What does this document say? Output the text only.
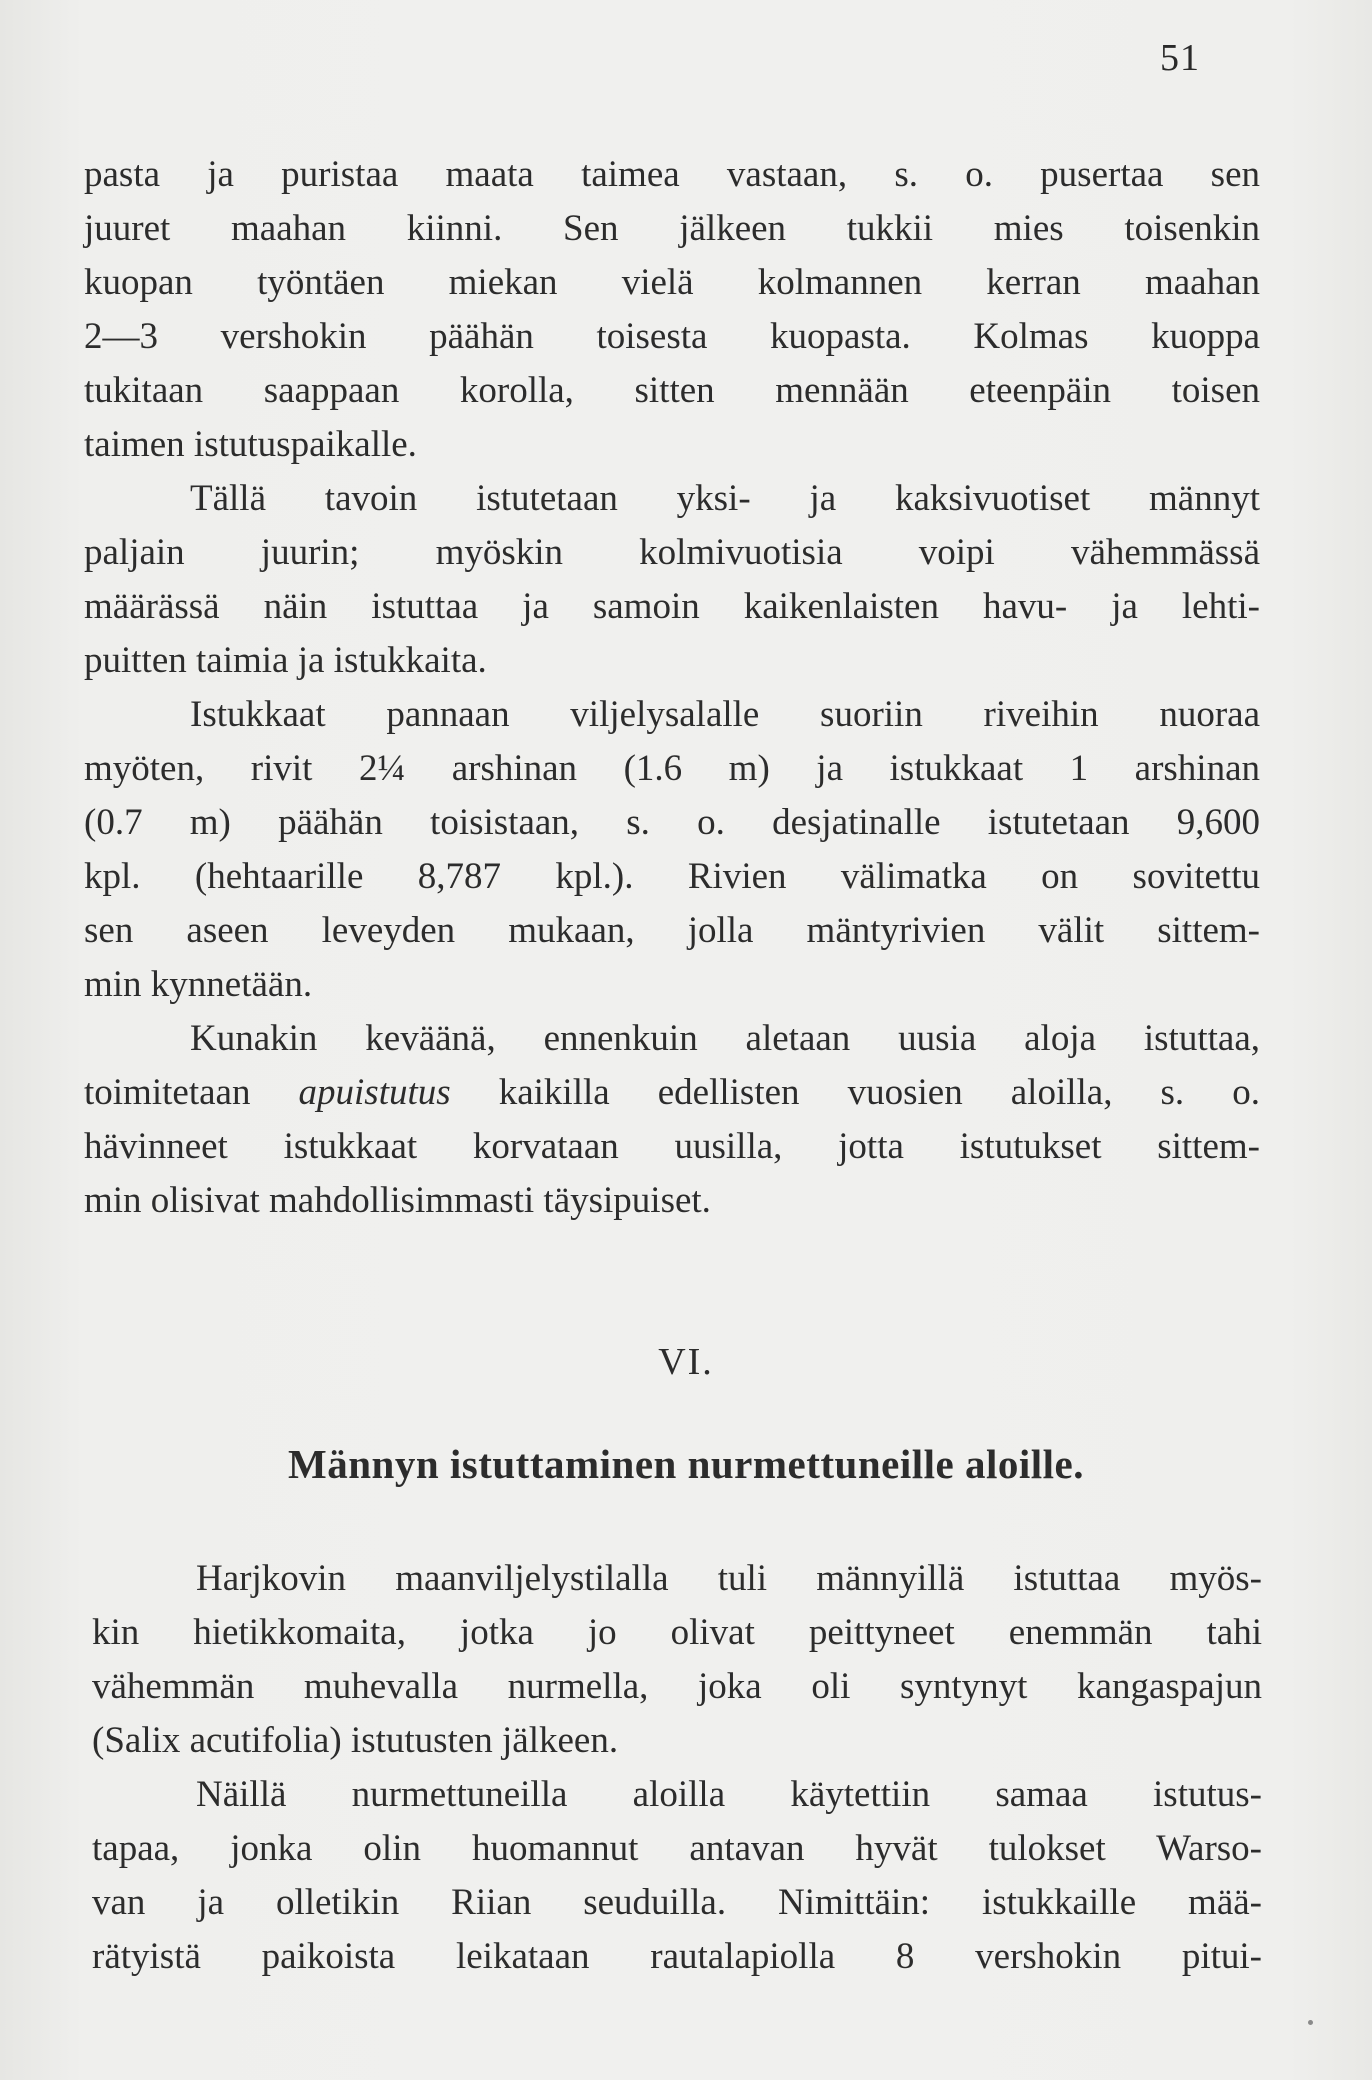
51
pasta ja puristaa maata taimea vastaan, s. o. pusertaa sen
juuret maahan kiinni. Sen jälkeen tukkii mies toisenkin
kuopan työntäen miekan vielä kolmannen kerran maahan
2—3 vershokin päähän toisesta kuopasta. Kolmas kuoppa
tukitaan saappaan korolla, sitten mennään eteenpäin toisen
taimen istutuspaikalle.
Tällä tavoin istutetaan yksi- ja kaksivuotiset männyt
paljain juurin; myöskin kolmivuotisia voipi vähemmässä
määrässä näin istuttaa ja samoin kaikenlaisten havu- ja lehti-
puitten taimia ja istukkaita.
Istukkaat pannaan viljelysalalle suoriin riveihin nuoraa
myöten, rivit 2¼ arshinan (1.6 m) ja istukkaat 1 arshinan
(0.7 m) päähän toisistaan, s. o. desjatinalle istutetaan 9,600
kpl. (hehtaarille 8,787 kpl.). Rivien välimatka on sovitettu
sen aseen leveyden mukaan, jolla mäntyrivien välit sittem-
min kynnetään.
Kunakin keväänä, ennenkuin aletaan uusia aloja istuttaa,
toimitetaan apuistutus kaikilla edellisten vuosien aloilla, s. o.
hävinneet istukkaat korvataan uusilla, jotta istutukset sittem-
min olisivat mahdollisimmasti täysipuiset.
VI.
Männyn istuttaminen nurmettuneille aloille.
Harjkovin maanviljelystilalla tuli männyillä istuttaa myös-
kin hietikkomaita, jotka jo olivat peittyneet enemmän tahi
vähemmän muhevalla nurmella, joka oli syntynyt kangaspajun
(Salix acutifolia) istutusten jälkeen.
Näillä nurmettuneilla aloilla käytettiin samaa istutus-
tapaa, jonka olin huomannut antavan hyvät tulokset Warso-
van ja olletikin Riian seuduilla. Nimittäin: istukkaille mää-
rätyistä paikoista leikataan rautalapiolla 8 vershokin pitui-
